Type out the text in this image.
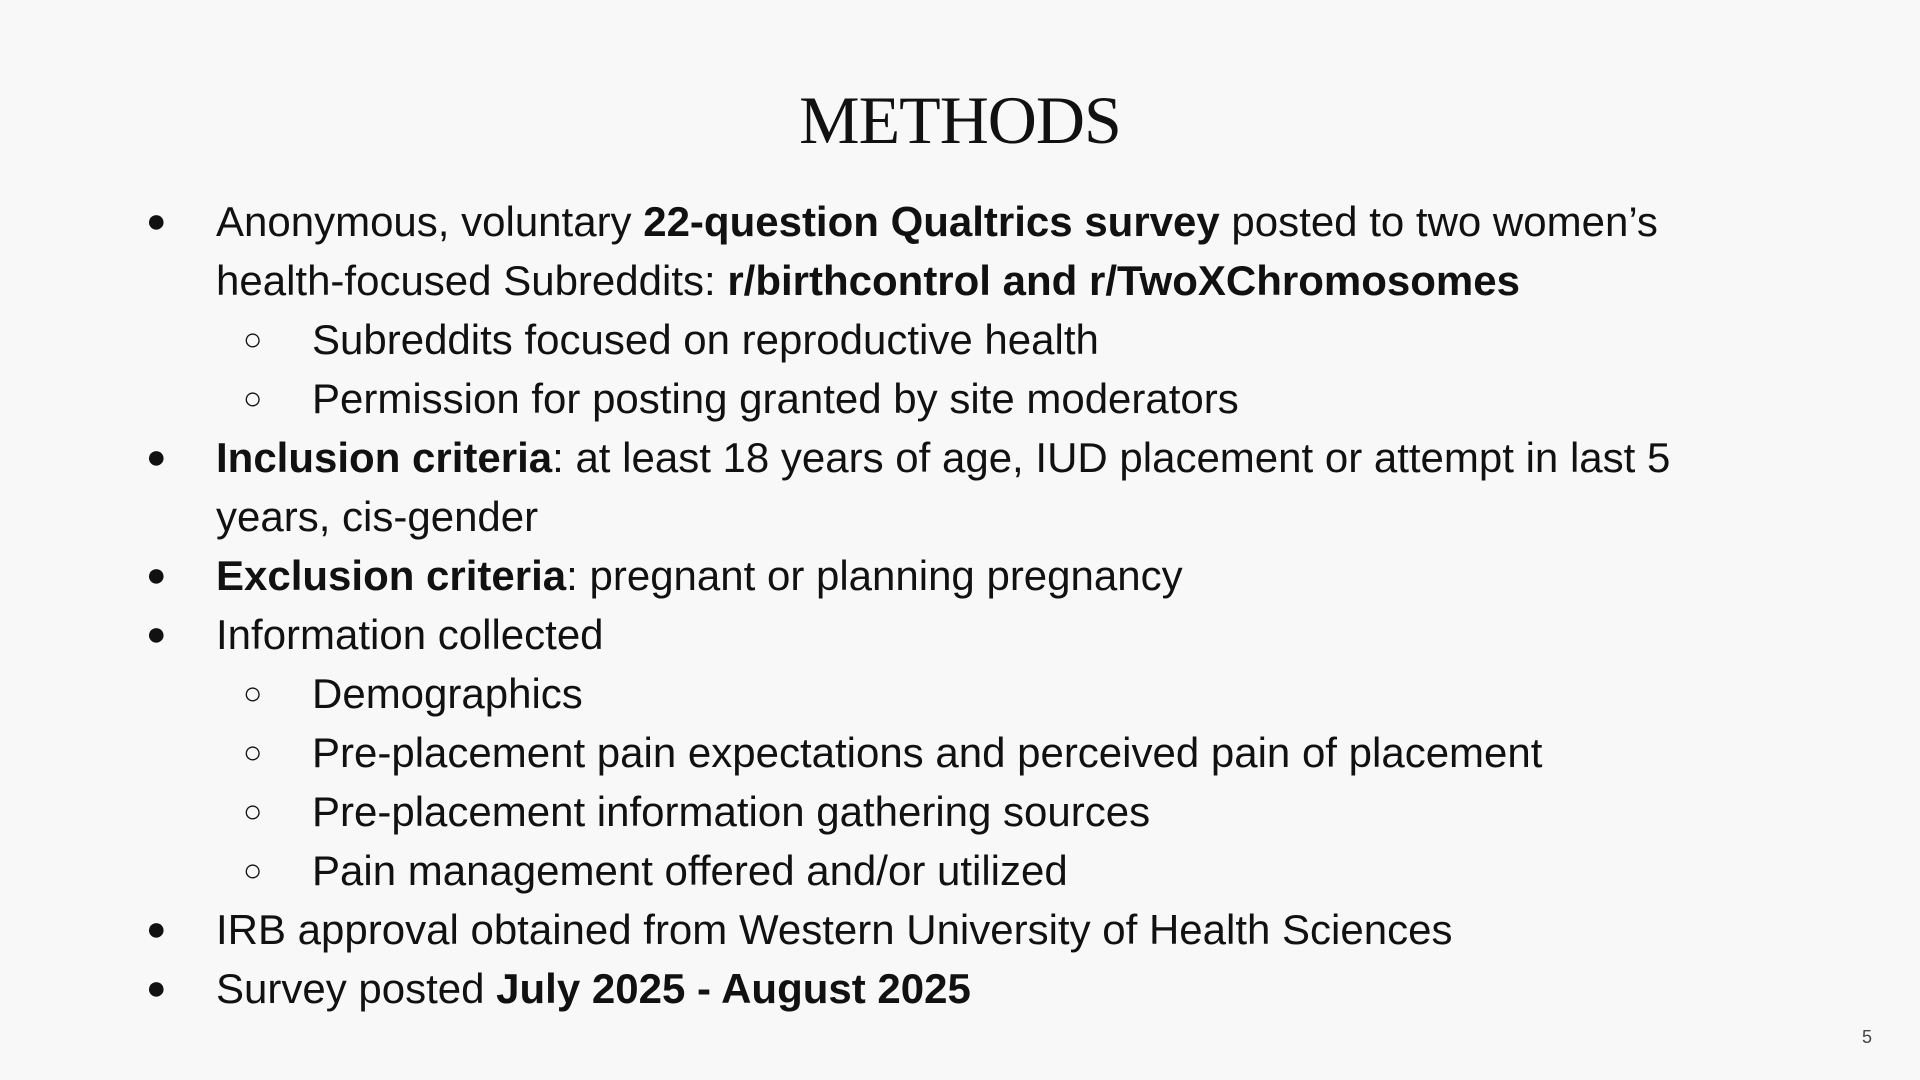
METHODS

● Anonymous, voluntary 22-question Qualtrics survey posted to two women’s health-focused Subreddits: r/birthcontrol and r/TwoXChromosomes

○ Subreddits focused on reproductive health

○ Permission for posting granted by site moderators

● Inclusion criteria: at least 18 years of age, IUD placement or attempt in last 5 years, cis-gender

● Exclusion criteria: pregnant or planning pregnancy

● Information collected

○ Demographics

○ Pre-placement pain expectations and perceived pain of placement

○ Pre-placement information gathering sources

○ Pain management offered and/or utilized

● IRB approval obtained from Western University of Health Sciences

● Survey posted July 2025 - August 2025

5
